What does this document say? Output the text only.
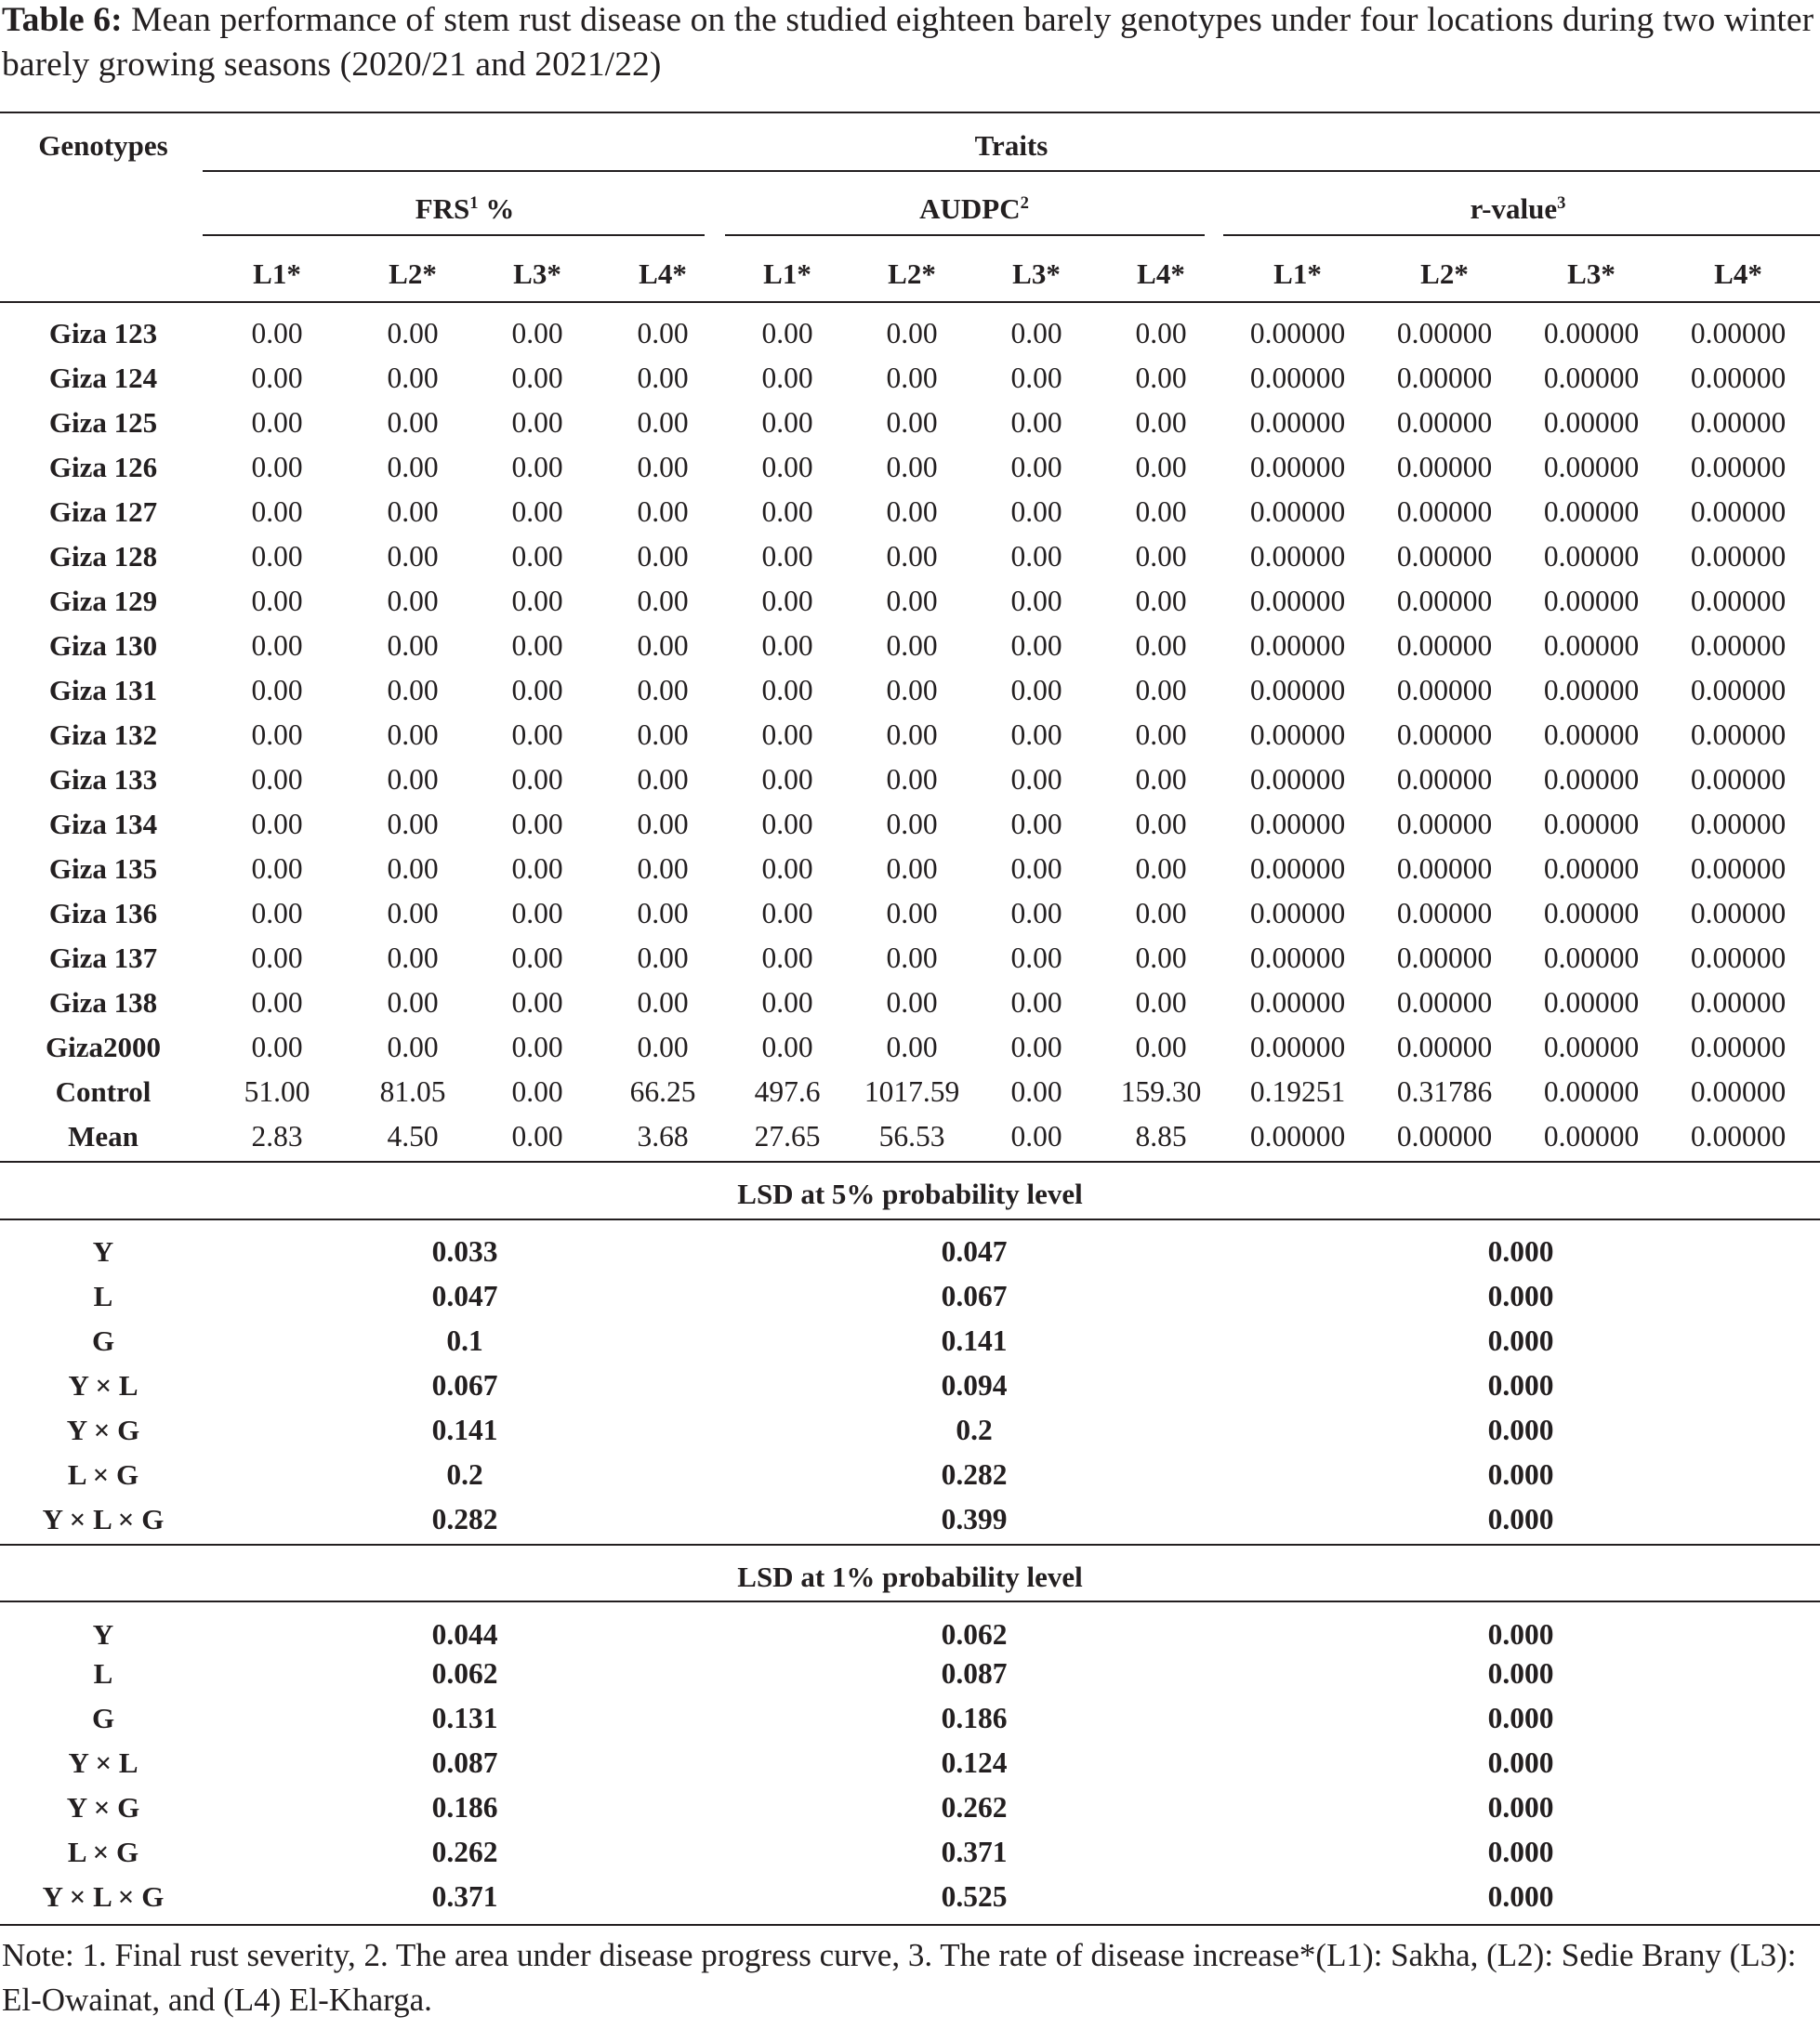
Table 6: Mean performance of stem rust disease on the studied eighteen barely genotypes under four locations during two winter barely growing seasons (2020/21 and 2021/22)
Genotypes	Traits
FRS$^1$ %	AUDPC$^2$	r-value$^3$
L1*	L2*	L3*	L4*	L1*	L2*	L3*	L4*	L1*	L2*	L3*	L4*
Giza 123	0.00	0.00	0.00	0.00	0.00	0.00	0.00	0.00 0.00000 0.00000 0.00000 0.00000
Giza 124	0.00	0.00	0.00	0.00	0.00	0.00	0.00	0.00 0.00000 0.00000 0.00000 0.00000
Giza 125	0.00	0.00	0.00	0.00	0.00	0.00	0.00	0.00 0.00000 0.00000 0.00000 0.00000
Giza 126	0.00	0.00	0.00	0.00	0.00	0.00	0.00	0.00 0.00000 0.00000 0.00000 0.00000
Giza 127	0.00	0.00	0.00	0.00	0.00	0.00	0.00	0.00 0.00000 0.00000 0.00000 0.00000
Giza 128	0.00	0.00	0.00	0.00	0.00	0.00	0.00	0.00 0.00000 0.00000 0.00000 0.00000
Giza 129	0.00	0.00	0.00	0.00	0.00	0.00	0.00	0.00 0.00000 0.00000 0.00000 0.00000
Giza 130	0.00	0.00	0.00	0.00	0.00	0.00	0.00	0.00 0.00000 0.00000 0.00000 0.00000
Giza 131	0.00	0.00	0.00	0.00	0.00	0.00	0.00	0.00 0.00000 0.00000 0.00000 0.00000
Giza 132	0.00	0.00	0.00	0.00	0.00	0.00	0.00	0.00 0.00000 0.00000 0.00000 0.00000
Giza 133	0.00	0.00	0.00	0.00	0.00	0.00	0.00	0.00 0.00000 0.00000 0.00000 0.00000
Giza 134	0.00	0.00	0.00	0.00	0.00	0.00	0.00	0.00 0.00000 0.00000 0.00000 0.00000
Giza 135	0.00	0.00	0.00	0.00	0.00	0.00	0.00	0.00 0.00000 0.00000 0.00000 0.00000
Giza 136	0.00	0.00	0.00	0.00	0.00	0.00	0.00	0.00 0.00000 0.00000 0.00000 0.00000
Giza 137	0.00	0.00	0.00	0.00	0.00	0.00	0.00	0.00 0.00000 0.00000 0.00000 0.00000
Giza 138	0.00	0.00	0.00	0.00	0.00	0.00	0.00	0.00 0.00000 0.00000 0.00000 0.00000
Giza2000	0.00	0.00	0.00	0.00	0.00	0.00	0.00	0.00 0.00000 0.00000 0.00000 0.00000
Control	51.00 81.05 0.00 66.25 497.6 1017.59 0.00 159.30 0.19251 0.31786 0.00000 0.00000
Mean	2.83	4.50	0.00	3.68 27.65 56.53 0.00	8.85 0.00000 0.00000 0.00000 0.00000
LSD at 5% probability level
Y	0.033	0.047	0.000
L	0.047	0.067	0.000
G	0.1	0.141	0.000
Y × L	0.067	0.094	0.000
Y × G	0.141	0.2	0.000
L × G	0.2	0.282	0.000
Y × L × G	0.282	0.399	0.000
LSD at 1% probability level
Y	0.044	0.062	0.000
L	0.062	0.087	0.000
G	0.131	0.186	0.000
Y × L	0.087	0.124	0.000
Y × G	0.186	0.262	0.000
L × G	0.262	0.371	0.000
Y × L × G	0.371	0.525	0.000
Note: 1. Final rust severity, 2. The area under disease progress curve, 3. The rate of disease increase*(L1): Sakha, (L2): Sedie Brany (L3): El-Owainat, and (L4) El-Kharga.
